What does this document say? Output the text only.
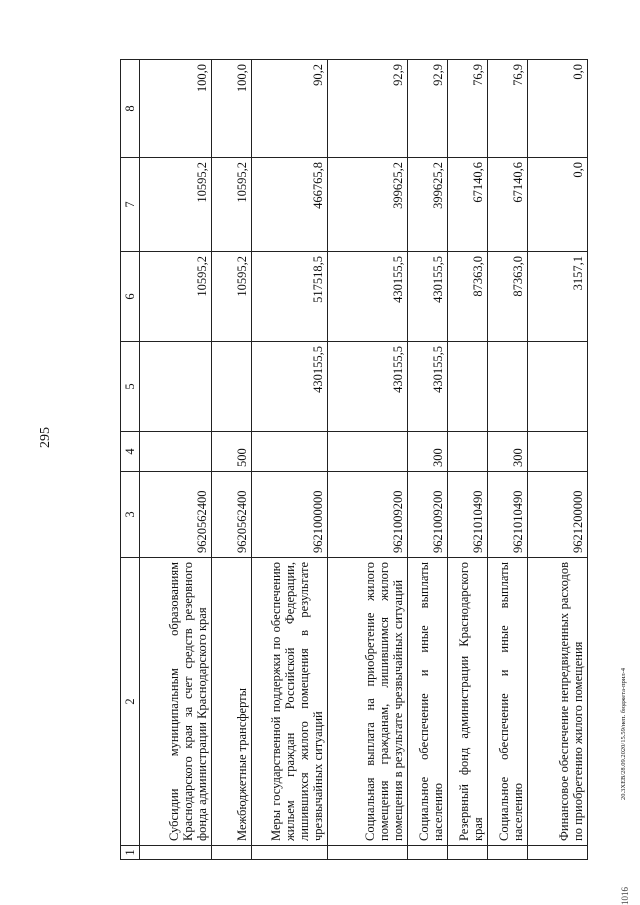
295
20.3ХЕВ/28.09.2020/15.59/неп. бюджета-прил-4
1016
1	2	3	4	5	6	7	8
	Субсидии муниципальным образованиям Краснодарского края за счет средств резервного фонда администрации Краснодарского края	9620562400			10595,2	10595,2	100,0
	Межбюджетные трансферты	9620562400	500		10595,2	10595,2	100,0
	Меры государственной поддержки по обеспечению жильем граждан Российской Федерации, лишившихся жилого помещения в результате чрезвычайных ситуаций	9621000000		430155,5	517518,5	466765,8	90,2
	Социальная выплата на приобретение жилого помещения гражданам, лишившимся жилого помещения в результате чрезвычайных ситуаций	9621009200		430155,5	430155,5	399625,2	92,9
	Социальное обеспечение и иные выплаты населению	9621009200	300	430155,5	430155,5	399625,2	92,9
	Резервный фонд администрации Краснодарского края	9621010490			87363,0	67140,6	76,9
	Социальное обеспечение и иные выплаты населению	9621010490	300		87363,0	67140,6	76,9
	Финансовое обеспечение непредвиденных расходов по приобретению жилого помещения	9621200000			3157,1	0,0	0,0
